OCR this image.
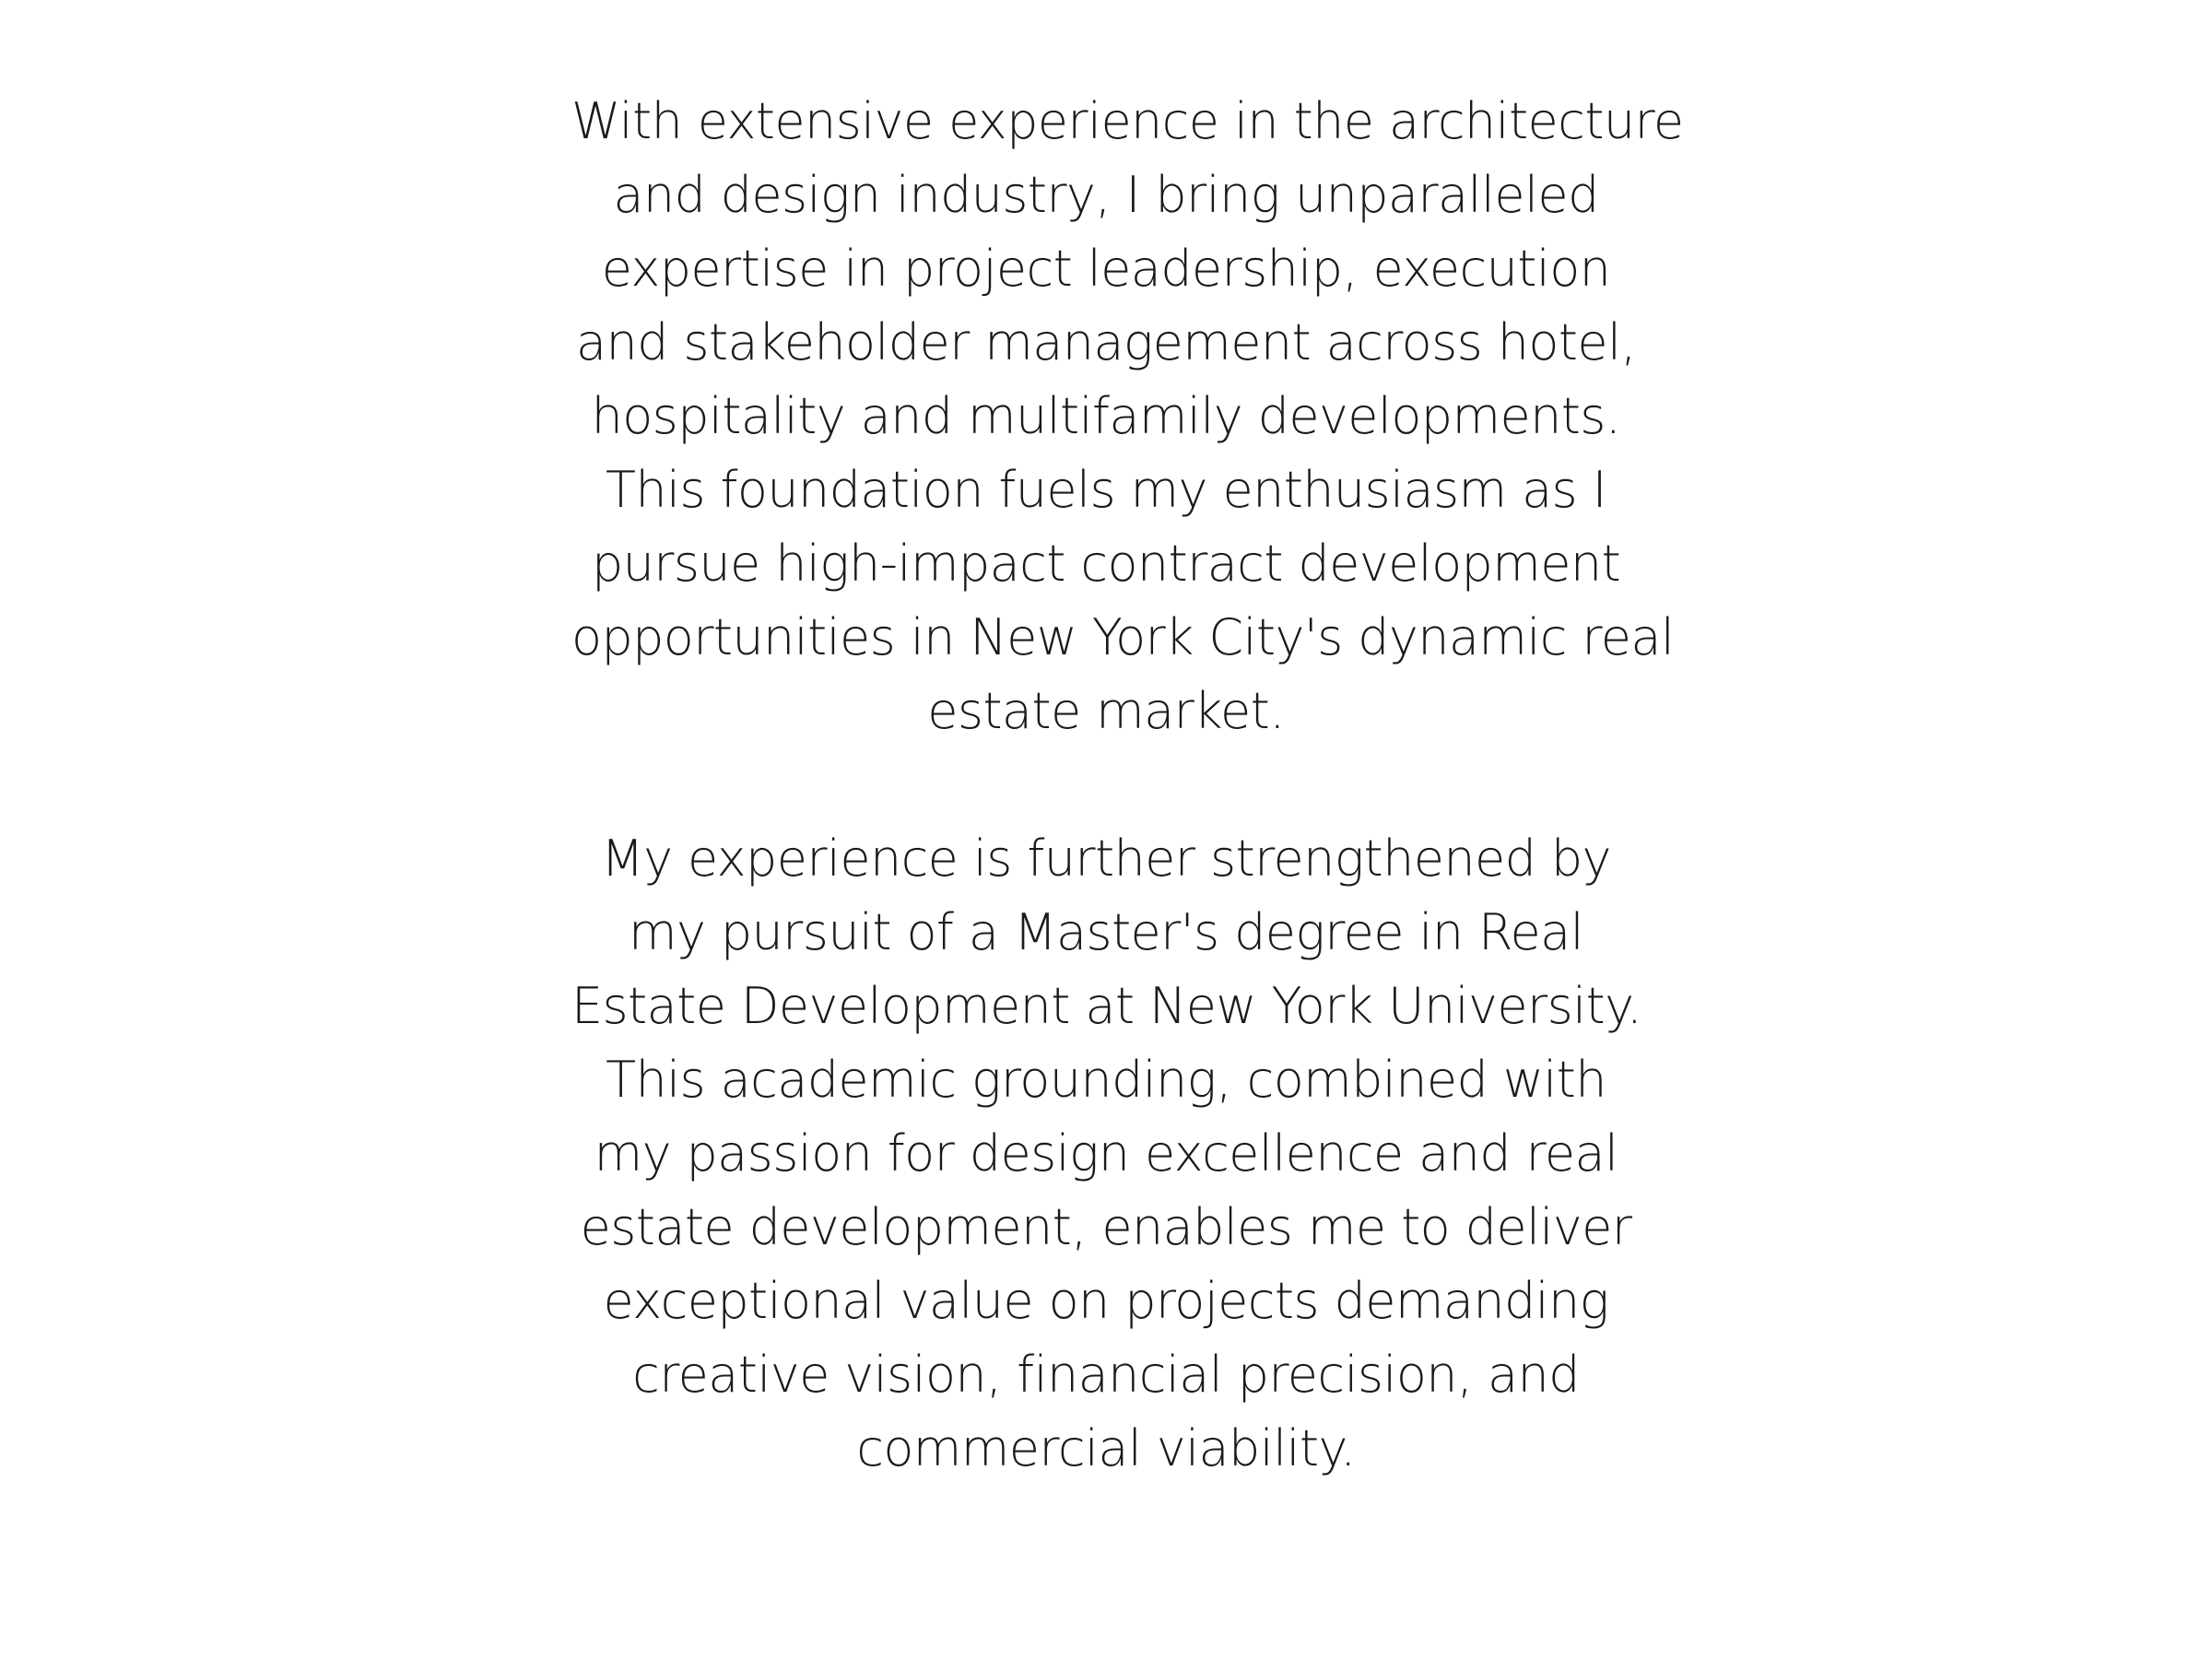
With extensive experience in the architecture
and design industry, I bring unparalleled
expertise in project leadership, execution
and stakeholder management across hotel,
hospitality and multifamily developments.
This foundation fuels my enthusiasm as I
pursue high-impact contract development
opportunities in New York City's dynamic real
estate market.

My experience is further strengthened by
my pursuit of a Master's degree in Real
Estate Development at New York University.
This academic grounding, combined with
my passion for design excellence and real
estate development, enables me to deliver
exceptional value on projects demanding
creative vision, financial precision, and
commercial viability.
